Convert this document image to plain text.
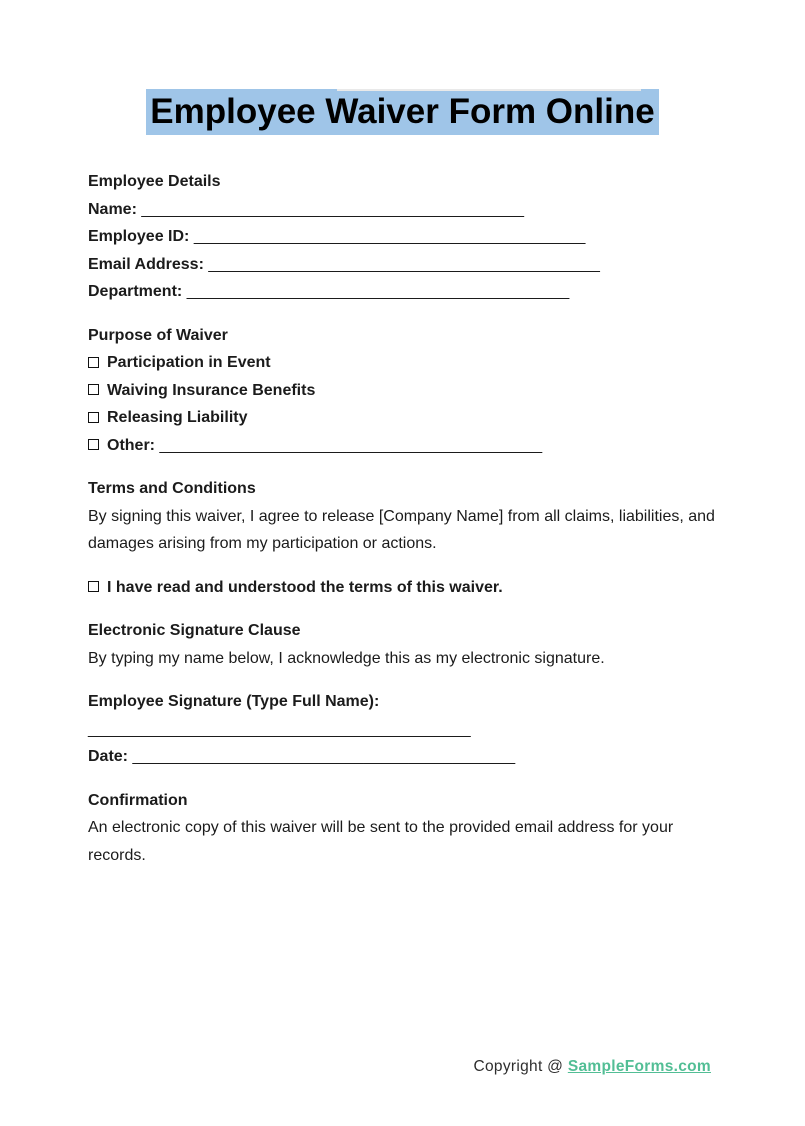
Employee Waiver Form Online
Employee Details
Name: ___________________________________________
Employee ID: ____________________________________________
Email Address: ____________________________________________
Department: ___________________________________________
Purpose of Waiver
Participation in Event
Waiving Insurance Benefits
Releasing Liability
Other: ___________________________________________
Terms and Conditions
By signing this waiver, I agree to release [Company Name] from all claims, liabilities, and damages arising from my participation or actions.
I have read and understood the terms of this waiver.
Electronic Signature Clause
By typing my name below, I acknowledge this as my electronic signature.
Employee Signature (Type Full Name):
___________________________________________
Date: ___________________________________________
Confirmation
An electronic copy of this waiver will be sent to the provided email address for your records.
Copyright @ SampleForms.com
